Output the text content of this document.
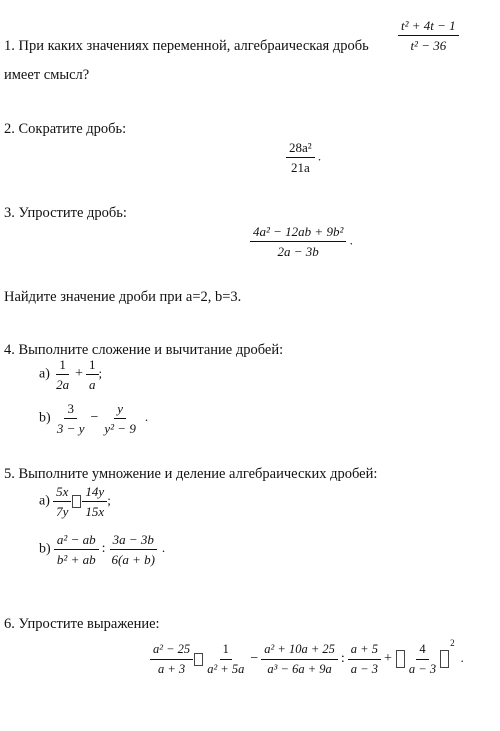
1. При каких значениях переменной, алгебраическая дробь $\frac{\text{t² + 4t − 1}}{\text{t² − 36}}$
имеет смысл?
2. Сократите дробь:
$\frac{\text{28a²}}{21a}$ .
3. Упростите дробь:
$\frac{\text{4a² − 12ab + 9b²}}{2a - 3b}$ .
Найдите значение дроби при a=2, b=3.
4. Выполните сложение и вычитание дробей:
$а) \frac{1}{2a} + \frac{1}{a}$ ;
$b) \frac{3}{3 - y} - \frac{y}{\text{y² − 9}}$ .
5. Выполните умножение и деление алгебраических дробей:
$а) \frac{5x}{7y} \frac{14y}{15x}$ ;
$b) \frac{\text{a² − ab}}{\text{b² + ab}}$ : $\frac{3a - 3b}{6(a + b)}$ .
6. Упростите выражение:
$\frac{\text{a² − 25}}{a + 3} \frac{1}{\text{a² + 5a}} - \frac{\text{a² + 10a + 25}}{\text{a³ − 6a + 9a}}$ : $\frac{a + 5}{a - 3} + \frac{4}{a - 3} ^2$.
